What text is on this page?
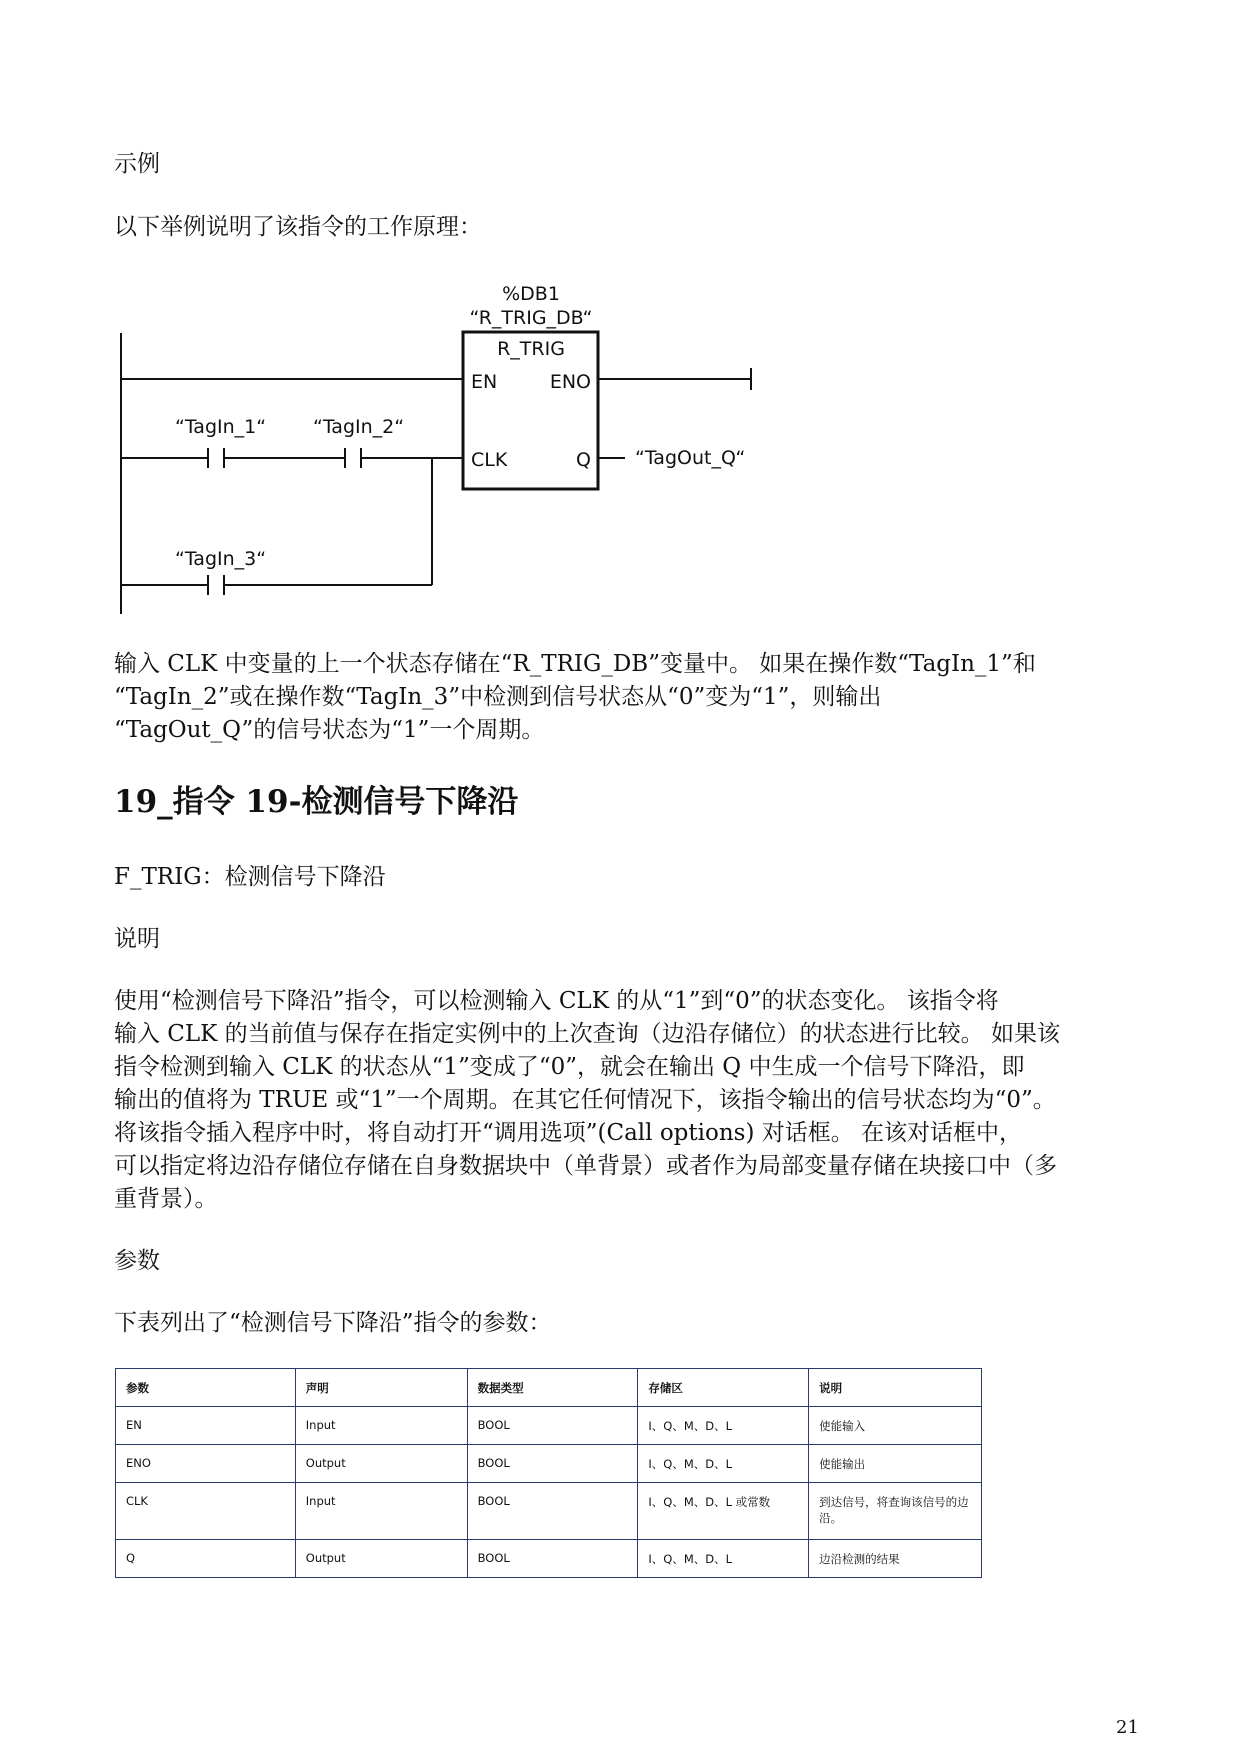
示例
以下举例说明了该指令的工作原理：
%DB1
“R_TRIG_DB“
R_TRIG
EN	ENO
CLK	Q
“TagIn_1“ “TagIn_2“
“TagIn_3“
“TagOut_Q“
输入 CLK 中变量的上一个状态存储在“R_TRIG_DB”变量中。 如果在操作数“TagIn_1”和
“TagIn_2”或在操作数“TagIn_3”中检测到信号状态从“0”变为“1”，则输出
“TagOut_Q”的信号状态为“1”一个周期。
19_指令 19-检测信号下降沿
F_TRIG：检测信号下降沿
说明
使用“检测信号下降沿”指令，可以检测输入 CLK 的从“1”到“0”的状态变化。 该指令将
输入 CLK 的当前值与保存在指定实例中的上次查询（边沿存储位）的状态进行比较。 如果该
指令检测到输入 CLK 的状态从“1”变成了“0”，就会在输出 Q 中生成一个信号下降沿，即
输出的值将为 TRUE 或“1”一个周期。在其它任何情况下，该指令输出的信号状态均为“0”。
将该指令插入程序中时，将自动打开“调用选项”(Call options) 对话框。 在该对话框中，
可以指定将边沿存储位存储在自身数据块中（单背景）或者作为局部变量存储在块接口中（多
重背景）。
参数
下表列出了“检测信号下降沿”指令的参数：
参数	声明	数据类型	存储区	说明
EN	Input	BOOL	I、Q、M、D、L	使能输入
ENO	Output	BOOL	I、Q、M、D、L	使能输出
CLK	Input	BOOL	I、Q、M、D、L 或常数	到达信号，将查询该信号的边沿。
Q	Output	BOOL	I、Q、M、D、L	边沿检测的结果
21
